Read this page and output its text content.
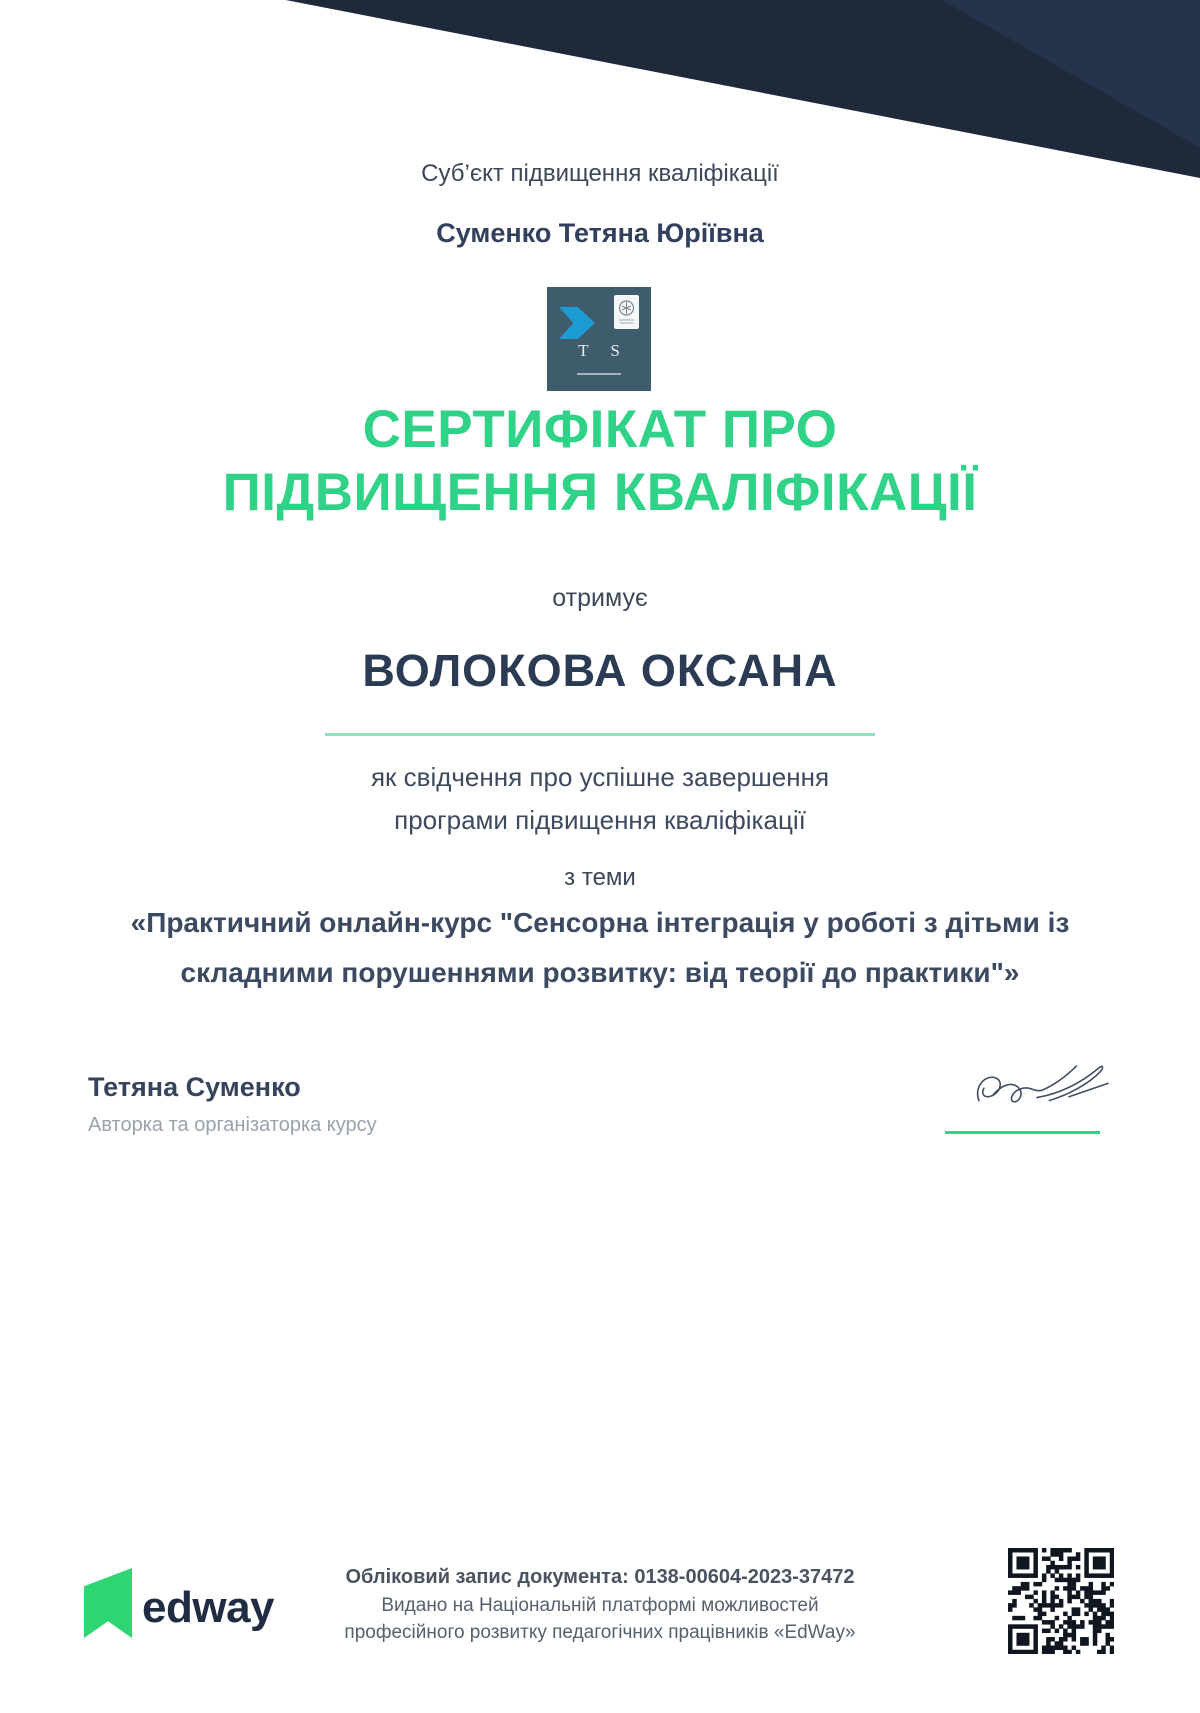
Суб’єкт підвищення кваліфікації
Суменко Тетяна Юріївна
T S
СЕРТИФІКАТ ПРО
ПІДВИЩЕННЯ КВАЛІФІКАЦІЇ
отримує
ВОЛОКОВА ОКСАНА
як свідчення про успішне завершення
програми підвищення кваліфікації
з теми
«Практичний онлайн-курс "Сенсорна інтеграція у роботі з дітьми із складними порушеннями розвитку: від теорії до практики"»
Тетяна Суменко
Авторка та організаторка курсу
edway
Обліковий запис документа: 0138-00604-2023-37472
Видано на Національній платформі можливостей
професійного розвитку педагогічних працівників «EdWay»
